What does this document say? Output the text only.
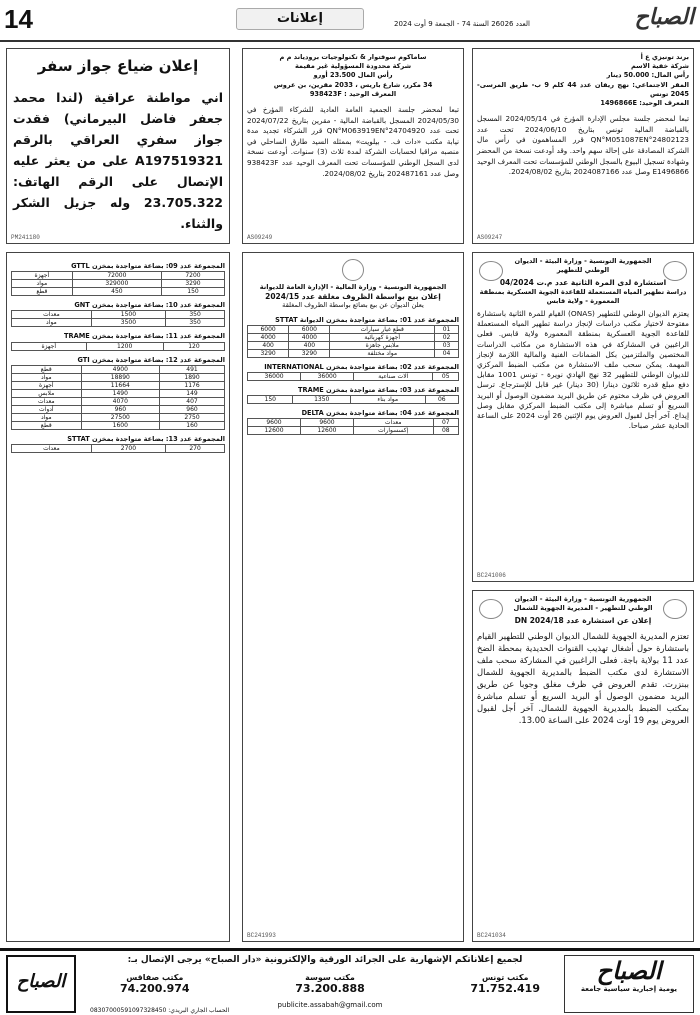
14	إعلانات	الصباح
العدد 26026 السنة 74 - الجمعة 9 أوت 2024
برند تونيزي ع أ
شركة خفية الاسم
رأس المال: 50.000 دينار
المقر الاجتماعي: نهج ريفان عدد 44 كلم 9 ب- طريق المرسى- 2045 تونس
المعرف الوحيد: 1496866E
تبعا لمحضر جلسة مجلس الإدارة المؤرخ في 2024/05/14 المسجل بالقباضة المالية تونس بتاريخ 2024/06/10 تحت عدد QN°M051087EN°24802123 قرر المساهمون في رأس مال الشركة المصادقة على إحالة سهم واحد. وقد أودعت نسخة من المحضر وشهادة تسجيل البيوع بالسجل الوطني للمؤسسات تحت المعرف الوحيد E1496866 وصل عدد 2024087166 بتاريخ 2024/08/02.
AS09247
ساماكوم سوفتوار & تكنولوجيات برودياند م م
شركة محدودة المسؤولية غير مقيمة
رأس المال 23.500 أورو
34 مكرر، شارع باريس ، 2033 مقرين، بن عروس
المعرف الوحيد : 938423F
تبعا لمحضر جلسة الجمعية العامة العادية للشركاء المؤرخ في 2024/05/30 المسجل بالقباضة المالية - مقرين بتاريخ 2024/07/22 تحت عدد QN°M063919EN°24704920 قرر الشركاء تجديد مدة نيابة مكتب «دات ف. - بيلويت» بممثله السيد طارق الساحلي في منصبه مراقبا لحسابات الشركة لمدة ثلاث (3) سنوات. أودعت نسخة لدى السجل الوطني للمؤسسات تحت المعرف الوحيد عدد 938423F وصل عدد 202487161 بتاريخ 2024/08/02.
AS09249
إعلان ضياع جواز سفر
اني مواطنة عراقية (لندا محمد جعفر فاضل البيرماني) فقدت جواز سفري العراقي بالرقم A197519321 على من يعثر عليه الإتصال على الرقم الهاتف: 23.705.322 وله جزيل الشكر والثناء.
PM241180
الجمهورية التونسية - وزارة البيئة - الديوان الوطني للتطهير
استشارة لدى المرة الثانية عدد م.ت 04/2024
دراسة تطهير المياه المستعملة للقاعدة الجوية العسكرية بمنطقة المعمورة - ولاية قابس
يعتزم الديوان الوطني للتطهير (ONAS) القيام للمرة الثانية باستشارة مفتوحة لاختيار مكتب دراسات لإنجاز دراسة تطهير المياه المستعملة للقاعدة الجوية العسكرية بمنطقة المعمورة ولاية قابس. فعلى الراغبين في المشاركة في هذه الاستشارة من مكاتب الدراسات المختصين والملتزمين بكل الضمانات الفنية والمالية اللازمة لإنجاز المهمة. يمكن سحب ملف الاستشارة من مكتب الضبط المركزي للديوان الوطني للتطهير 32 نهج الهادي نويرة - تونس 1001 مقابل دفع مبلغ قدره ثلاثون دينارا (30 دينار) غير قابل للإسترجاع. ترسل العروض في ظرف مختوم عن طريق البريد مضمون الوصول أو البريد السريع أو تسلم مباشرة إلى مكتب الضبط المركزي مقابل وصل إيداع. آخر أجل لقبول العروض يوم الإثنين 26 أوت 2024 على الساعة الحادية عشر صباحا.
BC241006
الجمهورية التونسية - وزارة البيئة - الديوان الوطني للتطهير - المديرية الجهوية للشمال
إعلان عن استشارة عدد DN 2024/18
تعتزم المديرية الجهوية للشمال الديوان الوطني للتطهير القيام باستشارة حول أشغال تهذيب القنوات الحديدية بمحطة الضخ عدد 11 بولاية باجة. فعلى الراغبين في المشاركة سحب ملف الاستشارة لدى مكتب الضبط بالمديرية الجهوية للشمال ببنزرت. تقدم العروض في ظرف مغلق وجوبا عن طريق البريد مضمون الوصول أو البريد السريع أو تسلم مباشرة بمكتب الضبط بالمديرية الجهوية للشمال. آخر أجل لقبول العروض يوم 19 أوت 2024 على الساعة 13.00.
BC241034
الجمهورية التونسية - وزارة المالية - الإدارة العامة للديوانة
إعلان بيع بواسطة الظروف مغلقة عدد 2024/15
يعلن الديوان عن بيع بضائع بواسطة الظروف المغلقة
المجموعة عدد 01: بضاعة متواجدة بمخزن الديوانة STTAT
01	قطع غيار سيارات	6000	6000
02	أجهزة كهربائية	4000	4000
03	ملابس جاهزة	400	400
04	مواد مختلفة	3290	3290
المجموعة عدد 02: بضاعة متواجدة بمخزن INTERNATIONAL
05	آلات صناعية	36000	36000
المجموعة عدد 03: بضاعة متواجدة بمخزن TRAME
06	مواد بناء	1350	150
المجموعة عدد 04: بضاعة متواجدة بمخزن DELTA
07	معدات	9600	9600
08	إكسسوارات	12600	12600
BC241993
المجموعة عدد 09: بضاعة متواجدة بمخزن GTTL
7200	72000	أجهزة
3290	329000	مواد
150	450	قطع
المجموعة عدد 10: بضاعة متواجدة بمخزن GNT
350	1500	معدات
350	3500	مواد
المجموعة عدد 11: بضاعة متواجدة بمخزن TRAME
120	1200	أجهزة
المجموعة عدد 12: بضاعة متواجدة بمخزن GTI
491	4900	قطع
1890	18890	مواد
1176	11664	أجهزة
149	1490	ملابس
407	4070	معدات
960	960	أدوات
2750	27500	مواد
160	1600	قطع
المجموعة عدد 13: بضاعة متواجدة بمخزن STTAT
270	2700	معدات
الصباح
يومية إخبارية سياسية جامعة
لجميع إعلاناتكم الإشهارية على الجرائد الورقية والإلكترونية «دار الصباح» يرجى الإتصال بـ:
مكتب تونس
71.752.419
مكتب سوسة
73.200.888
مكتب صفاقس
74.200.974
publicite.assabah@gmail.com
الصباح
الحساب الجاري البريدي: 08307000591097328450
